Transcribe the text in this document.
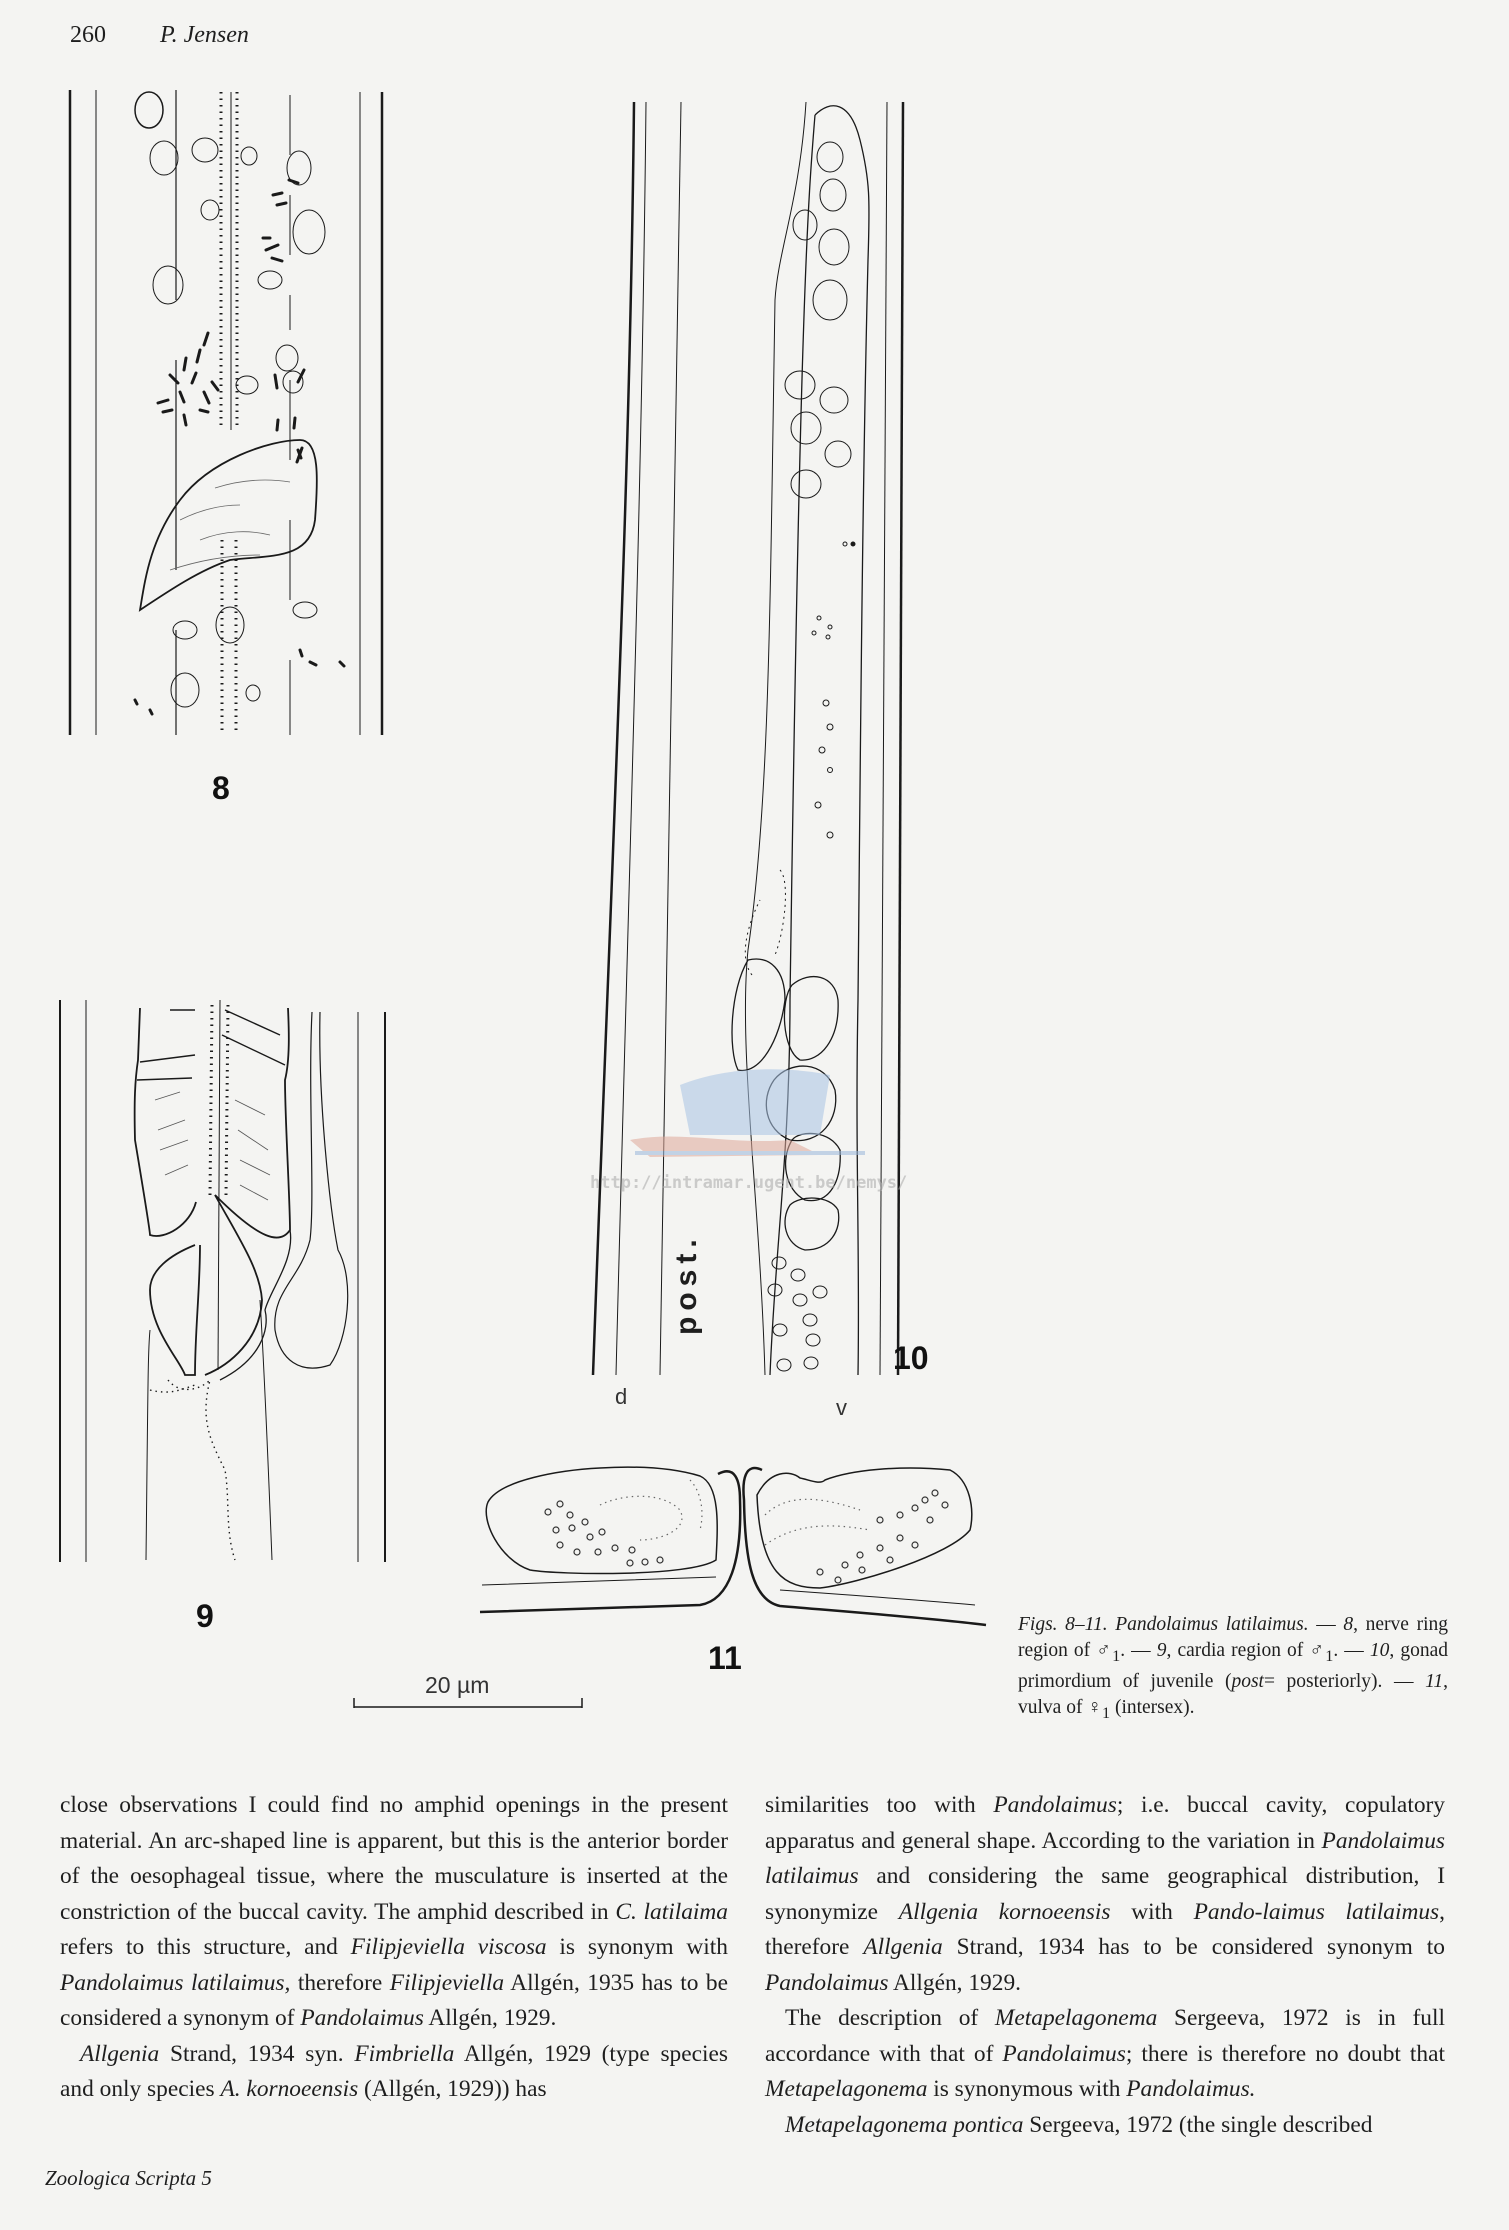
260 P. Jensen
http://intramar.ugent.be/nemys/
8
10
9
11
post.
d	v
20 µm
Figs. 8–11. Pandolaimus latilaimus. — 8, nerve ring region of $♂_1$. — 9, cardia region of $♂_1$. — 10, gonad primordium of juvenile (post= posteriorly). — 11, vulva of $♀_1$ (intersex).

close observations I could find no amphid openings in the present material. An arc-shaped line is apparent, but this is the anterior border of the oesophageal tissue, where the musculature is inserted at the constriction of the buccal cavity. The amphid described in C. latilaima refers to this structure, and Filipjeviella viscosa is synonym with Pandolaimus latilaimus, therefore Filipjeviella Allgén, 1935 has to be considered a synonym of Pandolaimus Allgén, 1929.

Allgenia Strand, 1934 syn. Fimbriella Allgén, 1929 (type species and only species A. kornoeensis (Allgén, 1929)) has

similarities too with Pandolaimus; i.e. buccal cavity, copulatory apparatus and general shape. According to the variation in Pandolaimus latilaimus and considering the same geographical distribution, I synonymize Allgenia kornoeensis with Pando-laimus latilaimus, therefore Allgenia Strand, 1934 has to be considered synonym to Pandolaimus Allgén, 1929.

The description of Metapelagonema Sergeeva, 1972 is in full accordance with that of Pandolaimus; there is therefore no doubt that Metapelagonema is synonymous with Pandolaimus.

Metapelagonema pontica Sergeeva, 1972 (the single described

Zoologica Scripta 5
